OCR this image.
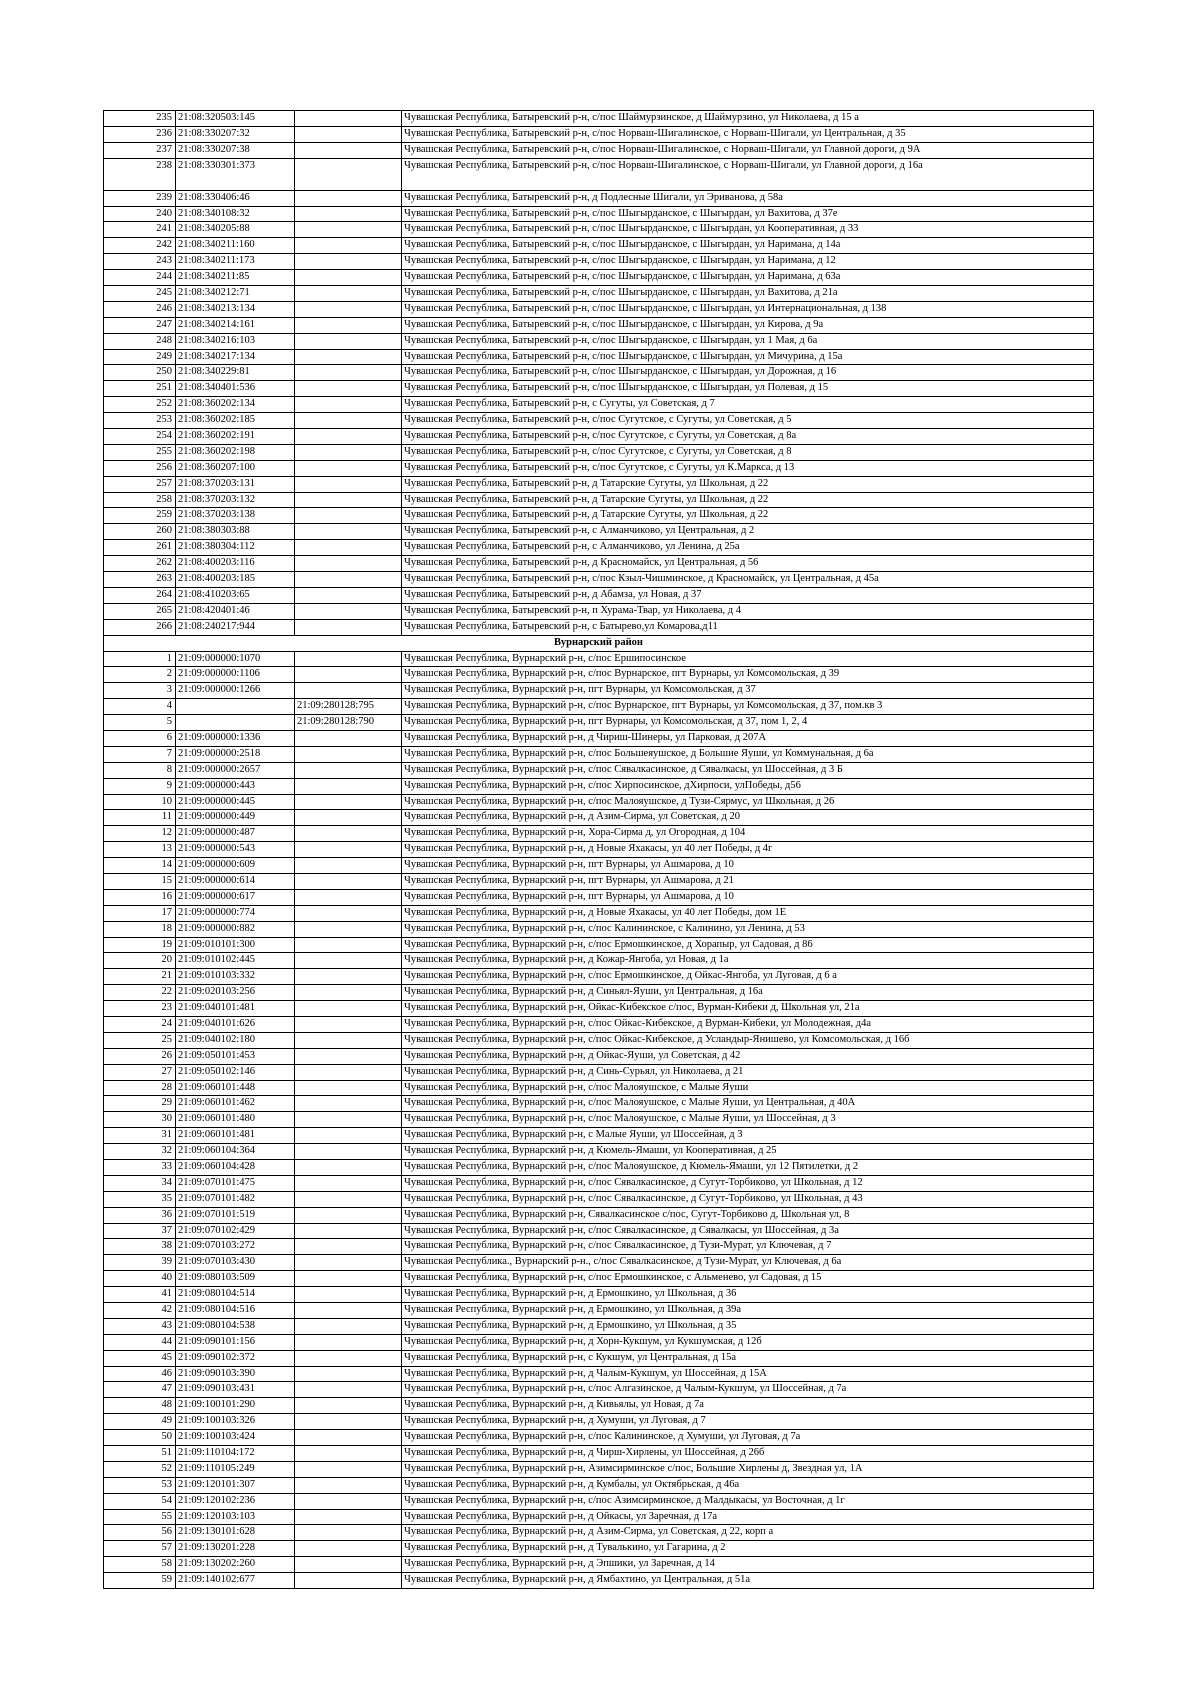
235	21:08:320503:145		Чувашская Республика, Батыревский р-н, с/пос Шаймурзинское, д Шаймурзино, ул Николаева, д 15 а
236	21:08:330207:32		Чувашская Республика, Батыревский р-н, с/пос Норваш-Шигалинское, с Норваш-Шигали, ул Центральная, д 35
237	21:08:330207:38		Чувашская Республика, Батыревский р-н, с/пос Норваш-Шигалинское, с Норваш-Шигали, ул Главной дороги, д 9А
238	21:08:330301:373		Чувашская Республика, Батыревский р-н, с/пос Норваш-Шигалинское, с Норваш-Шигали, ул Главной дороги, д 16а
239	21:08:330406:46		Чувашская Республика, Батыревский р-н, д Подлесные Шигали, ул Эриванова, д 58а
240	21:08:340108:32		Чувашская Республика, Батыревский р-н, с/пос Шыгырданское, с Шыгырдан, ул Вахитова, д 37е
241	21:08:340205:88		Чувашская Республика, Батыревский р-н, с/пос Шыгырданское, с Шыгырдан, ул Кооперативная, д 33
242	21:08:340211:160		Чувашская Республика, Батыревский р-н, с/пос Шыгырданское, с Шыгырдан, ул Наримана, д 14а
243	21:08:340211:173		Чувашская Республика, Батыревский р-н, с/пос Шыгырданское, с Шыгырдан, ул Наримана, д 12
244	21:08:340211:85		Чувашская Республика, Батыревский р-н, с/пос Шыгырданское, с Шыгырдан, ул Наримана, д 63а
245	21:08:340212:71		Чувашская Республика, Батыревский р-н, с/пос Шыгырданское, с Шыгырдан, ул Вахитова, д 21а
246	21:08:340213:134		Чувашская Республика, Батыревский р-н, с/пос Шыгырданское, с Шыгырдан, ул Интернациональная, д 138
247	21:08:340214:161		Чувашская Республика, Батыревский р-н, с/пос Шыгырданское, с Шыгырдан, ул Кирова, д 9а
248	21:08:340216:103		Чувашская Республика, Батыревский р-н, с/пос Шыгырданское, с Шыгырдан, ул 1 Мая, д 6а
249	21:08:340217:134		Чувашская Республика, Батыревский р-н, с/пос Шыгырданское, с Шыгырдан, ул Мичурина, д 15а
250	21:08:340229:81		Чувашская Республика, Батыревский р-н, с/пос Шыгырданское, с Шыгырдан, ул Дорожная, д 16
251	21:08:340401:536		Чувашская Республика, Батыревский р-н, с/пос Шыгырданское, с Шыгырдан, ул Полевая, д 15
252	21:08:360202:134		Чувашская Республика, Батыревский р-н, с Сугуты, ул Советская, д 7
253	21:08:360202:185		Чувашская Республика, Батыревский р-н, с/пос Сугутское, с Сугуты, ул Советская, д 5
254	21:08:360202:191		Чувашская Республика, Батыревский р-н, с/пос Сугутское, с Сугуты, ул Советская, д 8а
255	21:08:360202:198		Чувашская Республика, Батыревский р-н, с/пос Сугутское, с Сугуты, ул Советская, д 8
256	21:08:360207:100		Чувашская Республика, Батыревский р-н, с/пос Сугутское, с Сугуты, ул К.Маркса, д 13
257	21:08:370203:131		Чувашская Республика, Батыревский р-н, д Татарские Сугуты, ул Школьная, д 22
258	21:08:370203:132		Чувашская Республика, Батыревский р-н, д Татарские Сугуты, ул Школьная, д 22
259	21:08:370203:138		Чувашская Республика, Батыревский р-н, д Татарские Сугуты, ул Школьная, д 22
260	21:08:380303:88		Чувашская Республика, Батыревский р-н, с Алманчиково, ул Центральная, д 2
261	21:08:380304:112		Чувашская Республика, Батыревский р-н, с Алманчиково, ул Ленина, д 25а
262	21:08:400203:116		Чувашская Республика, Батыревский р-н, д Красномайск, ул Центральная, д 56
263	21:08:400203:185		Чувашская Республика, Батыревский р-н, с/пос Кзыл-Чишминское, д Красномайск, ул Центральная, д 45а
264	21:08:410203:65		Чувашская Республика, Батыревский р-н, д Абамза, ул Новая, д 37
265	21:08:420401:46		Чувашская Республика, Батыревский р-н, п Хурама-Твар, ул Николаева, д 4
266	21:08:240217:944		Чувашская Республика, Батыревский р-н, с Батырево,ул Комарова,д11
Вурнарский район			
1	21:09:000000:1070		Чувашская Республика, Вурнарский р-н, с/пос Ершипосинское
2	21:09:000000:1106		Чувашская Республика, Вурнарский р-н, с/пос Вурнарское, пгт Вурнары, ул Комсомольская, д 39
3	21:09:000000:1266		Чувашская Республика, Вурнарский р-н, пгт Вурнары, ул Комсомольская, д 37
4		21:09:280128:795	Чувашская Республика, Вурнарский р-н, с/пос Вурнарское, пгт Вурнары, ул Комсомольская, д 37, пом.кв 3
5		21:09:280128:790	Чувашская Республика, Вурнарский р-н, пгт Вурнары, ул Комсомольская, д 37, пом 1, 2, 4
6	21:09:000000:1336		Чувашская Республика, Вурнарский р-н, д Чириш-Шинеры, ул Парковая, д 207А
7	21:09:000000:2518		Чувашская Республика, Вурнарский р-н, с/пос Большеяушское, д Большие Яуши, ул Коммунальная, д 6а
8	21:09:000000:2657		Чувашская Республика, Вурнарский р-н, с/пос Сявалкасинское, д Сявалкасы, ул Шоссейная, д 3 Б
9	21:09:000000:443		Чувашская Республика, Вурнарский р-н, с/пос Хирпосинское, дХирпоси, улПобеды, д56
10	21:09:000000:445		Чувашская Республика, Вурнарский р-н, с/пос Малояушское, д Тузи-Сярмус, ул Школьная, д 26
11	21:09:000000:449		Чувашская Республика, Вурнарский р-н, д Азим-Сирма, ул Советская, д 20
12	21:09:000000:487		Чувашская Республика, Вурнарский р-н, Хора-Сирма д, ул Огородная, д 104
13	21:09:000000:543		Чувашская Республика, Вурнарский р-н, д Новые Яхакасы, ул 40 лет Победы, д 4г
14	21:09:000000:609		Чувашская Республика, Вурнарский р-н, пгт Вурнары, ул Ашмарова, д 10
15	21:09:000000:614		Чувашская Республика, Вурнарский р-н, пгт Вурнары, ул Ашмарова, д 21
16	21:09:000000:617		Чувашская Республика, Вурнарский р-н, пгт Вурнары, ул Ашмарова, д 10
17	21:09:000000:774		Чувашская Республика, Вурнарский р-н, д Новые Яхакасы, ул 40 лет Победы, дом 1Е
18	21:09:000000:882		Чувашская Республика, Вурнарский р-н, с/пос Калининское, с Калинино, ул Ленина, д 53
19	21:09:010101:300		Чувашская Республика, Вурнарский р-н, с/пос Ермошкинское, д Хорапыр, ул Садовая, д 86
20	21:09:010102:445		Чувашская Республика, Вурнарский р-н, д Кожар-Янгоба, ул Новая, д 1а
21	21:09:010103:332		Чувашская Республика, Вурнарский р-н, с/пос Ермошкинское, д Ойкас-Янгоба, ул Луговая, д 6 а
22	21:09:020103:256		Чувашская Республика, Вурнарский р-н, д Синьял-Яуши, ул Центральная, д 16а
23	21:09:040101:481		Чувашская Республика, Вурнарский р-н, Ойкас-Кибекское с/пос, Вурман-Кибеки д, Школьная ул, 21а
24	21:09:040101:626		Чувашская Республика, Вурнарский р-н, с/пос Ойкас-Кибекское, д Вурман-Кибеки, ул Молодежная, д4а
25	21:09:040102:180		Чувашская Республика, Вурнарский р-н, с/пос Ойкас-Кибекское, д Усландыр-Янишево, ул Комсомольская, д 16б
26	21:09:050101:453		Чувашская Республика, Вурнарский р-н, д Ойкас-Яуши, ул Советская, д 42
27	21:09:050102:146		Чувашская Республика, Вурнарский р-н, д Синь-Сурьял, ул Николаева, д 21
28	21:09:060101:448		Чувашская Республика, Вурнарский р-н, с/пос Малояушское, с Малые Яуши
29	21:09:060101:462		Чувашская Республика, Вурнарский р-н, с/пос Малояушское, с Малые Яуши, ул Центральная, д 40А
30	21:09:060101:480		Чувашская Республика, Вурнарский р-н, с/пос Малояушское, с Малые Яуши, ул Шоссейная, д 3
31	21:09:060101:481		Чувашская Республика, Вурнарский р-н, с Малые Яуши, ул Шоссейная, д 3
32	21:09:060104:364		Чувашская Республика, Вурнарский р-н, д Кюмель-Ямаши, ул Кооперативная, д 25
33	21:09:060104:428		Чувашская Республика, Вурнарский р-н, с/пос Малояушское, д Кюмель-Ямаши, ул 12 Пятилетки, д 2
34	21:09:070101:475		Чувашская Республика, Вурнарский р-н, с/пос Сявалкасинское, д Сугут-Торбиково, ул Школьная, д 12
35	21:09:070101:482		Чувашская Республика, Вурнарский р-н, с/пос Сявалкасинское, д Сугут-Торбиково, ул Школьная, д 43
36	21:09:070101:519		Чувашская Республика, Вурнарский р-н, Сявалкасинское с/пос, Сугут-Торбиково д, Школьная ул, 8
37	21:09:070102:429		Чувашская Республика, Вурнарский р-н, с/пос Сявалкасинское, д Сявалкасы, ул Шоссейная, д 3а
38	21:09:070103:272		Чувашская Республика, Вурнарский р-н, с/пос Сявалкасинское, д Тузи-Мурат, ул Ключевая, д 7
39	21:09:070103:430		Чувашская Республика., Вурнарский р-н., с/пос Сявалкасинское, д Тузи-Мурат, ул Ключевая, д 6а
40	21:09:080103:509		Чувашская Республика, Вурнарский р-н, с/пос Ермошкинское, с Альменево, ул Садовая, д 15
41	21:09:080104:514		Чувашская Республика, Вурнарский р-н, д Ермошкино, ул Школьная, д 36
42	21:09:080104:516		Чувашская Республика, Вурнарский р-н, д Ермошкино, ул Школьная, д 39а
43	21:09:080104:538		Чувашская Республика, Вурнарский р-н, д Ермошкино, ул Школьная, д 35
44	21:09:090101:156		Чувашская Республика, Вурнарский р-н, д Хорн-Кукшум, ул Кукшумская, д 12б
45	21:09:090102:372		Чувашская Республика, Вурнарский р-н, с Кукшум, ул Центральная, д 15а
46	21:09:090103:390		Чувашская Республика, Вурнарский р-н, д Чалым-Кукшум, ул Шоссейная, д 15А
47	21:09:090103:431		Чувашская Республика, Вурнарский р-н, с/пос Алгазинское, д Чалым-Кукшум, ул Шоссейная, д 7а
48	21:09:100101:290		Чувашская Республика, Вурнарский р-н, д Кивьялы, ул Новая, д 7а
49	21:09:100103:326		Чувашская Республика, Вурнарский р-н, д Хумуши, ул Луговая, д 7
50	21:09:100103:424		Чувашская Республика, Вурнарский р-н, с/пос Калининское, д Хумуши, ул Луговая, д 7а
51	21:09:110104:172		Чувашская Республика, Вурнарский р-н, д Чирш-Хирлены, ул Шоссейная, д 26б
52	21:09:110105:249		Чувашская Республика, Вурнарский р-н, Азимсирминское с/пос, Большие Хирлены д, Звездная ул, 1А
53	21:09:120101:307		Чувашская Республика, Вурнарский р-н, д Кумбалы, ул Октябрьская, д 46а
54	21:09:120102:236		Чувашская Республика, Вурнарский р-н, с/пос Азимсирминское, д Малдыкасы, ул Восточная, д 1г
55	21:09:120103:103		Чувашская Республика, Вурнарский р-н, д Ойкасы, ул Заречная, д 17а
56	21:09:130101:628		Чувашская Республика, Вурнарский р-н, д Азим-Сирма, ул Советская, д 22, корп а
57	21:09:130201:228		Чувашская Республика, Вурнарский р-н, д Тувалькино, ул Гагарина, д 2
58	21:09:130202:260		Чувашская Республика, Вурнарский р-н, д Эпшики, ул Заречная, д 14
59	21:09:140102:677		Чувашская Республика, Вурнарский р-н, д Ямбахтино, ул Центральная, д 51а
